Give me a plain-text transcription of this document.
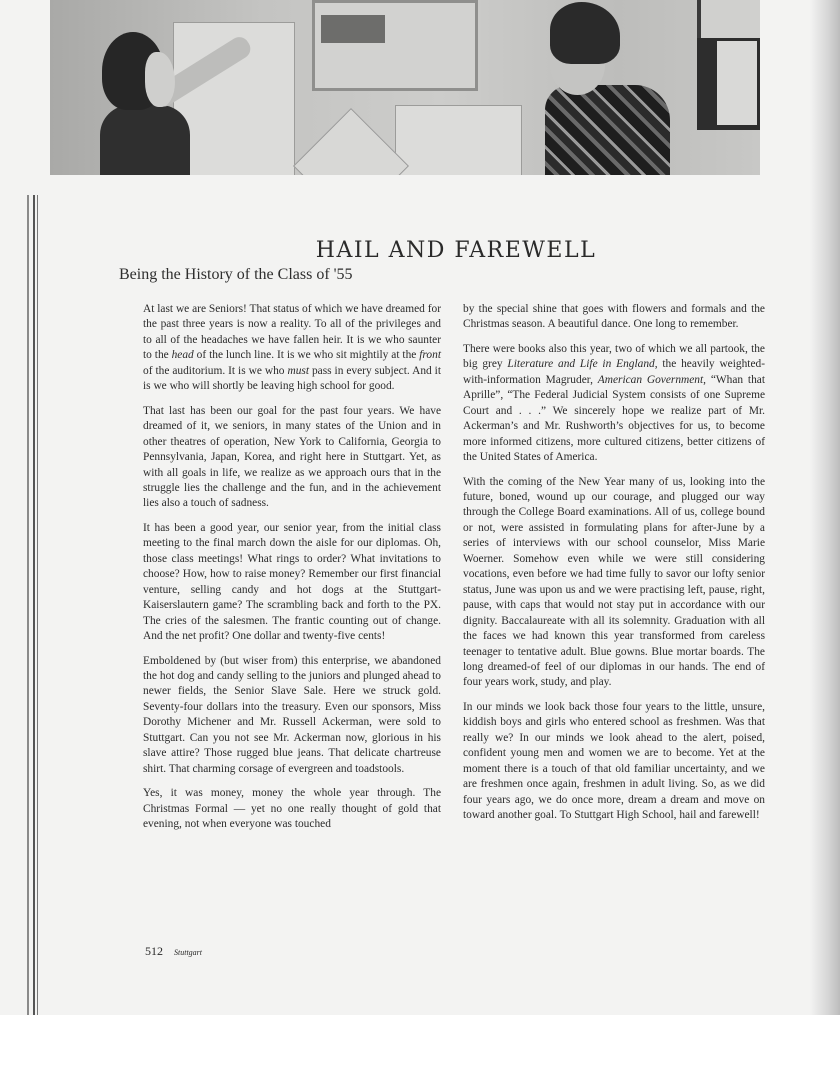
HAIL AND FAREWELL
Being the History of the Class of '55

At last we are Seniors! That status of which we have dreamed for the past three years is now a reality. To all of the privileges and to all of the headaches we have fallen heir. It is we who saunter to the head of the lunch line. It is we who sit mightily at the front of the auditorium. It is we who must pass in every subject. And it is we who will shortly be leaving high school for good.

That last has been our goal for the past four years. We have dreamed of it, we seniors, in many states of the Union and in other theatres of operation, New York to California, Georgia to Pennsylvania, Japan, Korea, and right here in Stuttgart. Yet, as with all goals in life, we realize as we approach ours that in the struggle lies the challenge and the fun, and in the achievement lies also a touch of sadness.

It has been a good year, our senior year, from the initial class meeting to the final march down the aisle for our diplomas. Oh, those class meetings! What rings to order? What invitations to choose? How, how to raise money? Remember our first financial venture, selling candy and hot dogs at the Stuttgart-Kaiserslautern game? The scrambling back and forth to the PX. The cries of the salesmen. The frantic counting out of change. And the net profit? One dollar and twenty-five cents!

Emboldened by (but wiser from) this enterprise, we abandoned the hot dog and candy selling to the juniors and plunged ahead to newer fields, the Senior Slave Sale. Here we struck gold. Seventy-four dollars into the treasury. Even our sponsors, Miss Dorothy Michener and Mr. Russell Ackerman, were sold to Stuttgart. Can you not see Mr. Ackerman now, glorious in his slave attire? Those rugged blue jeans. That delicate chartreuse shirt. That charming corsage of evergreen and toadstools.

Yes, it was money, money the whole year through. The Christmas Formal — yet no one really thought of gold that evening, not when everyone was touched

by the special shine that goes with flowers and formals and the Christmas season. A beautiful dance. One long to remember.

There were books also this year, two of which we all partook, the big grey Literature and Life in England, the heavily weighted-with-information Magruder, American Government, “Whan that Aprille”, “The Federal Judicial System consists of one Supreme Court and . . .” We sincerely hope we realize part of Mr. Ackerman’s and Mr. Rushworth’s objectives for us, to become more informed citizens, more cultured citizens, better citizens of the United States of America.

With the coming of the New Year many of us, looking into the future, boned, wound up our courage, and plugged our way through the College Board examinations. All of us, college bound or not, were assisted in formulating plans for after-June by a series of interviews with our school counselor, Miss Marie Woerner. Somehow even while we were still considering vocations, even before we had time fully to savor our lofty senior status, June was upon us and we were practising left, pause, right, pause, with caps that would not stay put in accordance with our dignity. Baccalaureate with all its solemnity. Graduation with all the faces we had known this year transformed from careless teenager to tentative adult. Blue gowns. Blue mortar boards. The long dreamed-of feel of our diplomas in our hands. The end of four years work, study, and play.

In our minds we look back those four years to the little, unsure, kiddish boys and girls who entered school as freshmen. Was that really we? In our minds we look ahead to the alert, poised, confident young men and women we are to become. Yet at the moment there is a touch of that old familiar uncertainty, and we are freshmen once again, freshmen in adult living. So, as we did four years ago, we do once more, dream a dream and move on toward another goal. To Stuttgart High School, hail and farewell!

512 Stuttgart
